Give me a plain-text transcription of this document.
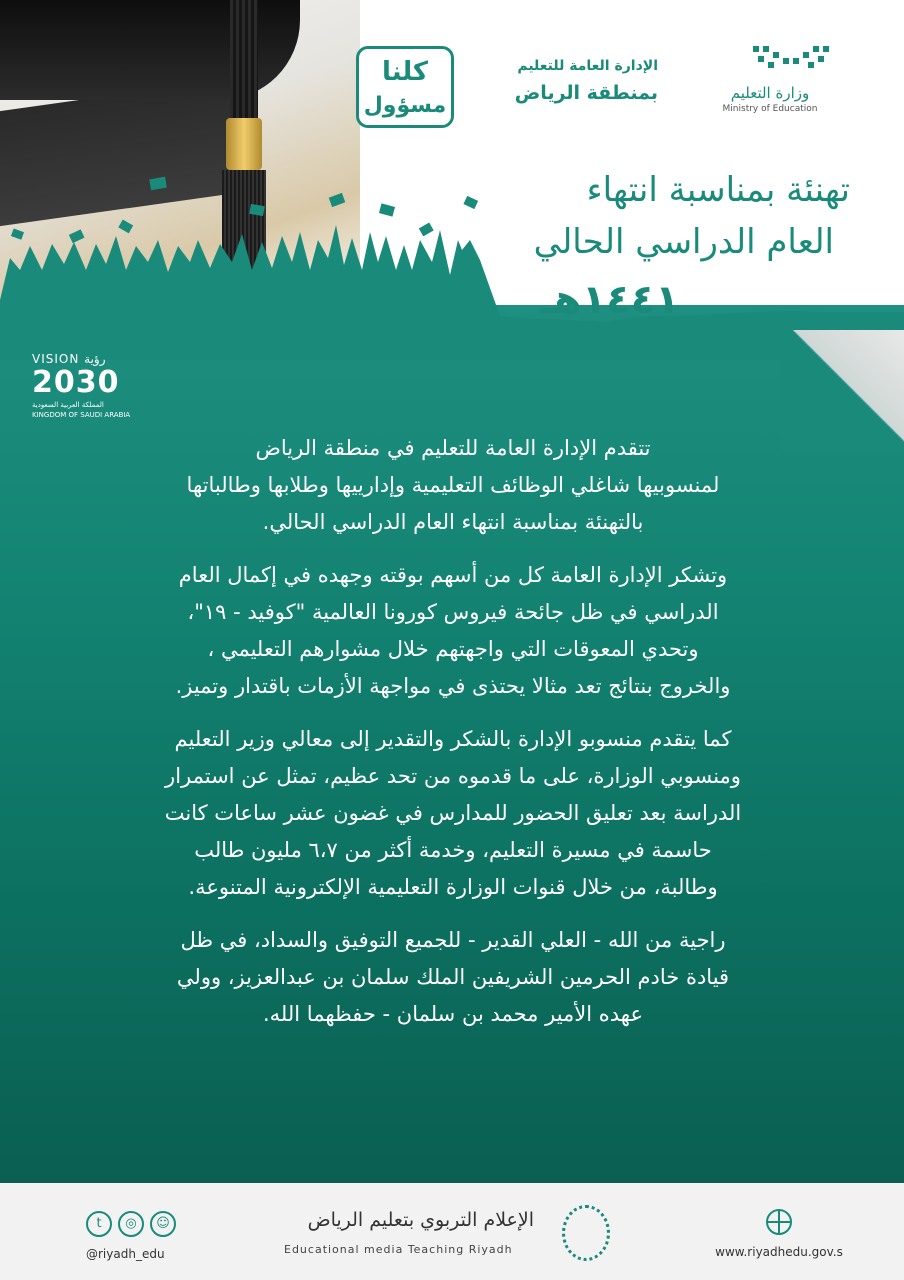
وزارة التعليم
Ministry of Education
الإدارة العامة للتعليم
بمنطقة الرياض
كلنا
مسؤول
تهنئة بمناسبة انتهاء
العام الدراسي الحالي
١٤٤١هـ
VISION رؤية
2030
المملكة العربية السعودية
KINGDOM OF SAUDI ARABIA

تتقدم الإدارة العامة للتعليم في منطقة الرياض

لمنسوبيها شاغلي الوظائف التعليمية وإدارييها وطلابها وطالباتها

بالتهنئة بمناسبة انتهاء العام الدراسي الحالي.

وتشكر الإدارة العامة كل من أسهم بوقته وجهده في إكمال العام

الدراسي في ظل جائحة فيروس كورونا العالمية "كوفيد - ١٩"،

وتحدي المعوقات التي واجهتهم خلال مشوارهم التعليمي ،

والخروج بنتائج تعد مثالا يحتذى في مواجهة الأزمات باقتدار وتميز.

كما يتقدم منسوبو الإدارة بالشكر والتقدير إلى معالي وزير التعليم

ومنسوبي الوزارة، على ما قدموه من تحد عظيم، تمثل عن استمرار

الدراسة بعد تعليق الحضور للمدارس في غضون عشر ساعات كانت

حاسمة في مسيرة التعليم، وخدمة أكثر من ٦،٧ مليون طالب

وطالبة، من خلال قنوات الوزارة التعليمية الإلكترونية المتنوعة.

راجية من الله - العلي القدير - للجميع التوفيق والسداد، في ظل

قيادة خادم الحرمين الشريفين الملك سلمان بن عبدالعزيز، وولي

عهده الأمير محمد بن سلمان - حفظهما الله.

t	◎	☺
@riyadh_edu
الإعلام التربوي بتعليم الرياض
Educational media Teaching Riyadh	www.riyadhedu.gov.s
